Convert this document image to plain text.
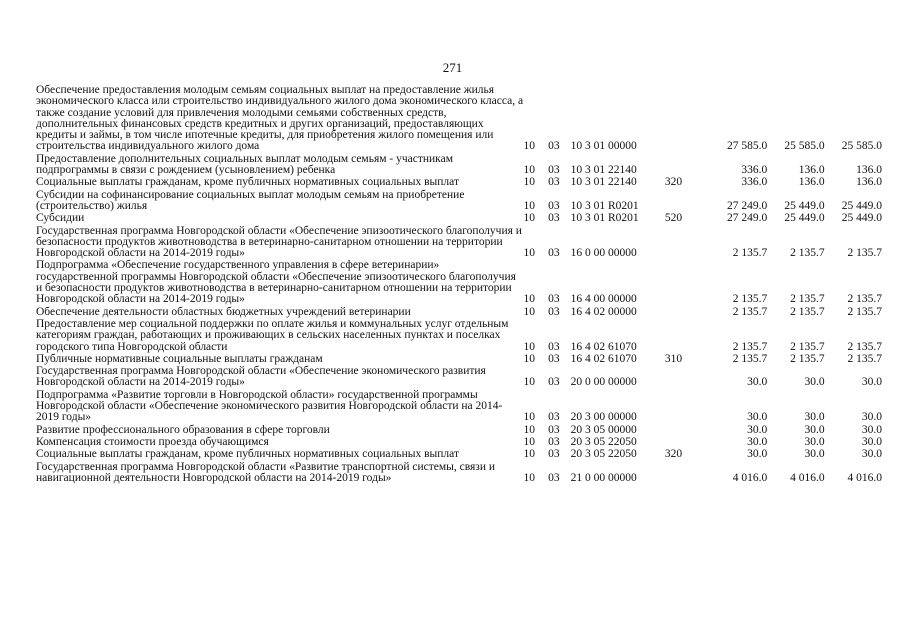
271
Обеспечение предоставления молодым семьям социальных выплат на предоставление жилья экономического класса или строительство индивидуального жилого дома экономического класса, а также создание условий для привлечения молодыми семьями собственных средств, дополнительных финансовых средств кредитных и других организаций, предоставляющих кредиты и займы, в том числе ипотечные кредиты, для приобретения жилого помещения или строительства индивидуального жилого дома	10	03	10 3 01 00000		27 585.0	25 585.0	25 585.0
Предоставление дополнительных социальных выплат молодым семьям - участникам подпрограммы в связи с рождением (усыновлением) ребенка	10	03	10 3 01 22140		336.0	136.0	136.0
Социальные выплаты гражданам, кроме публичных нормативных социальных выплат	10	03	10 3 01 22140	320	336.0	136.0	136.0
Субсидии на софинансирование социальных выплат молодым семьям на приобретение (строительство) жилья	10	03	10 3 01 R0201		27 249.0	25 449.0	25 449.0
Субсидии	10	03	10 3 01 R0201	520	27 249.0	25 449.0	25 449.0
Государственная программа Новгородской области «Обеспечение эпизоотического благополучия и безопасности продуктов животноводства в ветеринарно-санитарном отношении на территории Новгородской области на 2014-2019 годы»	10	03	16 0 00 00000		2 135.7	2 135.7	2 135.7
Подпрограмма «Обеспечение государственного управления в сфере ветеринарии» государственной программы Новгородской области «Обеспечение эпизоотического благополучия и безопасности продуктов животноводства в ветеринарно-санитарном отношении на территории Новгородской области на 2014-2019 годы»	10	03	16 4 00 00000		2 135.7	2 135.7	2 135.7
Обеспечение деятельности областных бюджетных учреждений ветеринарии	10	03	16 4 02 00000		2 135.7	2 135.7	2 135.7
Предоставление мер социальной поддержки по оплате жилья и коммунальных услуг отдельным категориям граждан, работающих и проживающих в сельских населенных пунктах и поселках городского типа Новгородской области	10	03	16 4 02 61070		2 135.7	2 135.7	2 135.7
Публичные нормативные социальные выплаты гражданам	10	03	16 4 02 61070	310	2 135.7	2 135.7	2 135.7
Государственная программа Новгородской области «Обеспечение экономического развития Новгородской области на 2014-2019 годы»	10	03	20 0 00 00000		30.0	30.0	30.0
Подпрограмма «Развитие торговли в Новгородской области» государственной программы Новгородской области «Обеспечение экономического развития Новгородской области на 2014-2019 годы»	10	03	20 3 00 00000		30.0	30.0	30.0
Развитие профессионального образования в сфере торговли	10	03	20 3 05 00000		30.0	30.0	30.0
Компенсация стоимости проезда обучающимся	10	03	20 3 05 22050		30.0	30.0	30.0
Социальные выплаты гражданам, кроме публичных нормативных социальных выплат	10	03	20 3 05 22050	320	30.0	30.0	30.0
Государственная программа Новгородской области «Развитие транспортной системы, связи и навигационной деятельности Новгородской области на 2014-2019 годы»	10	03	21 0 00 00000		4 016.0	4 016.0	4 016.0
